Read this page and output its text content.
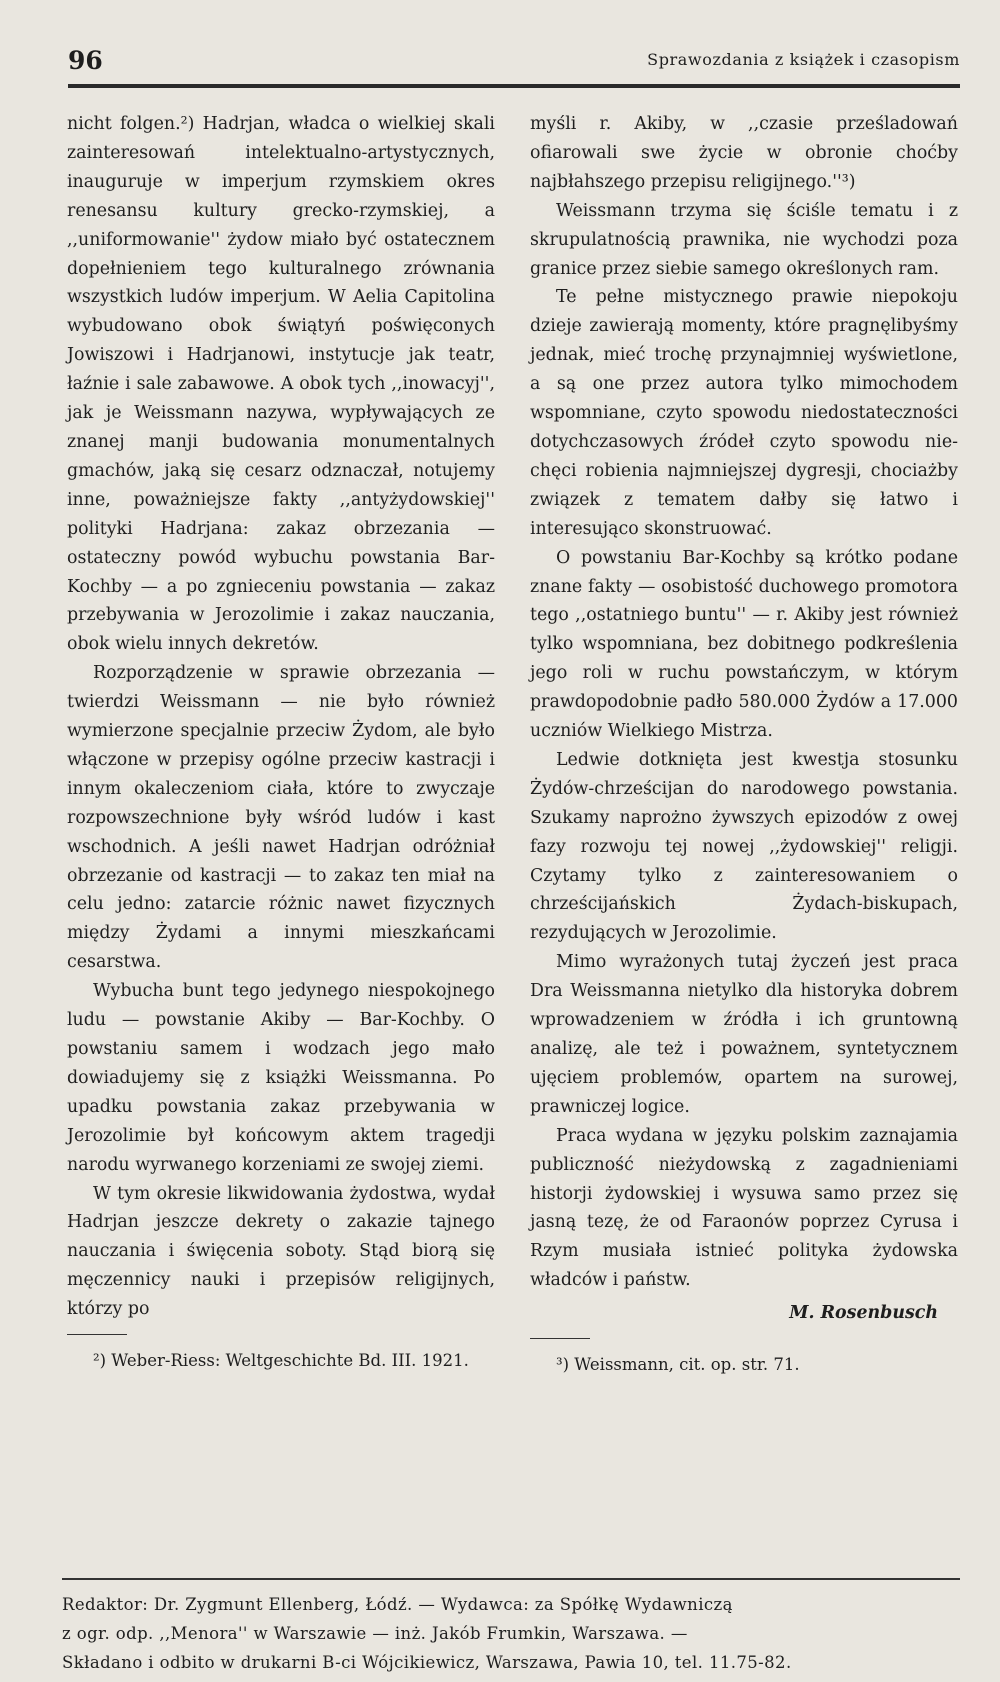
96	Sprawozdania z książek i czasopism

nicht folgen.²) Hadrjan, władca o wielkiej skali zainteresowań intelektualno-artystycznych, inauguruje w imperjum rzymskiem okres renesansu kultury grecko-rzymskiej, a ,,uniformowanie'' żydow miało być ostatecznem dopełnieniem tego kulturalnego zrównania wszystkich ludów imperjum. W Aelia Capitolina wybudowano obok świątyń poświęconych Jowiszowi i Hadrjanowi, instytucje jak teatr, łaźnie i sale zabawowe. A obok tych ,,inowacyj'', jak je Weissmann nazywa, wypływających ze znanej manji budowania monumentalnych gmachów, jaką się cesarz odznaczał, notujemy inne, poważniejsze fakty ,,antyżydowskiej'' polityki Hadrjana: zakaz obrzezania — ostateczny powód wybuchu powstania Bar-Kochby — a po zgnieceniu powstania — zakaz przebywania w Jerozolimie i zakaz nauczania, obok wielu innych dekretów.

Rozporządzenie w sprawie obrzezania — twierdzi Weissmann — nie było również wymierzone specjalnie przeciw Żydom, ale było włączone w przepisy ogólne przeciw kastracji i innym okaleczeniom ciała, które to zwyczaje rozpowszechnione były wśród ludów i kast wschodnich. A jeśli nawet Hadrjan odróżniał obrzezanie od kastracji — to zakaz ten miał na celu jedno: zatarcie różnic nawet fizycznych między Żydami a innymi mieszkańcami cesarstwa.

Wybucha bunt tego jedynego niespokojnego ludu — powstanie Akiby — Bar-Kochby. O powstaniu samem i wodzach jego mało dowiadujemy się z książki Weissmanna. Po upadku powstania zakaz przebywania w Jerozolimie był końcowym aktem tragedji narodu wyrwanego korzeniami ze swojej ziemi.

W tym okresie likwidowania żydostwa, wydał Hadrjan jeszcze dekrety o zakazie tajnego nauczania i święcenia soboty. Stąd biorą się męczennicy nauki i przepisów religijnych, którzy po

²) Weber-Riess: Weltgeschichte Bd. III. 1921.

myśli r. Akiby, w ,,czasie prześladowań ofiarowali swe życie w obronie choćby najbłahszego przepisu religijnego.''³)

Weissmann trzyma się ściśle tematu i z skrupulatnością prawnika, nie wychodzi poza granice przez siebie samego określonych ram.

Te pełne mistycznego prawie niepokoju dzieje zawierają momenty, które pragnęlibyśmy jednak, mieć trochę przynajmniej wyświetlone, a są one przez autora tylko mimochodem wspomniane, czyto spowodu niedostateczności dotychczasowych źródeł czyto spowodu niechęci robienia najmniejszej dygresji, chociażby związek z tematem dałby się łatwo i interesująco skonstruować.

O powstaniu Bar-Kochby są krótko podane znane fakty — osobistość duchowego promotora tego ,,ostatniego buntu'' — r. Akiby jest również tylko wspomniana, bez dobitnego podkreślenia jego roli w ruchu powstańczym, w którym prawdopodobnie padło 580.000 Żydów a 17.000 uczniów Wielkiego Mistrza.

Ledwie dotknięta jest kwestja stosunku Żydów-chrześcijan do narodowego powstania. Szukamy naprożno żywszych epizodów z owej fazy rozwoju tej nowej ,,żydowskiej'' religji. Czytamy tylko z zainteresowaniem o chrześcijańskich Żydach-biskupach, rezydujących w Jerozolimie.

Mimo wyrażonych tutaj życzeń jest praca Dra Weissmanna nietylko dla historyka dobrem wprowadzeniem w źródła i ich gruntowną analizę, ale też i poważnem, syntetycznem ujęciem problemów, opartem na surowej, prawniczej logice.

Praca wydana w języku polskim zaznajamia publiczność nieżydowską z zagadnieniami historji żydowskiej i wysuwa samo przez się jasną tezę, że od Faraonów poprzez Cyrusa i Rzym musiała istnieć polityka żydowska władców i państw.

M. Rosenbusch

³) Weissmann, cit. op. str. 71.

Redaktor: Dr. Zygmunt Ellenberg, Łódź. — Wydawca: za Spółkę Wydawniczą
z ogr. odp. ,,Menora'' w Warszawie — inż. Jakób Frumkin, Warszawa. —
Składano i odbito w drukarni B-ci Wójcikiewicz, Warszawa, Pawia 10, tel. 11.75-82.
